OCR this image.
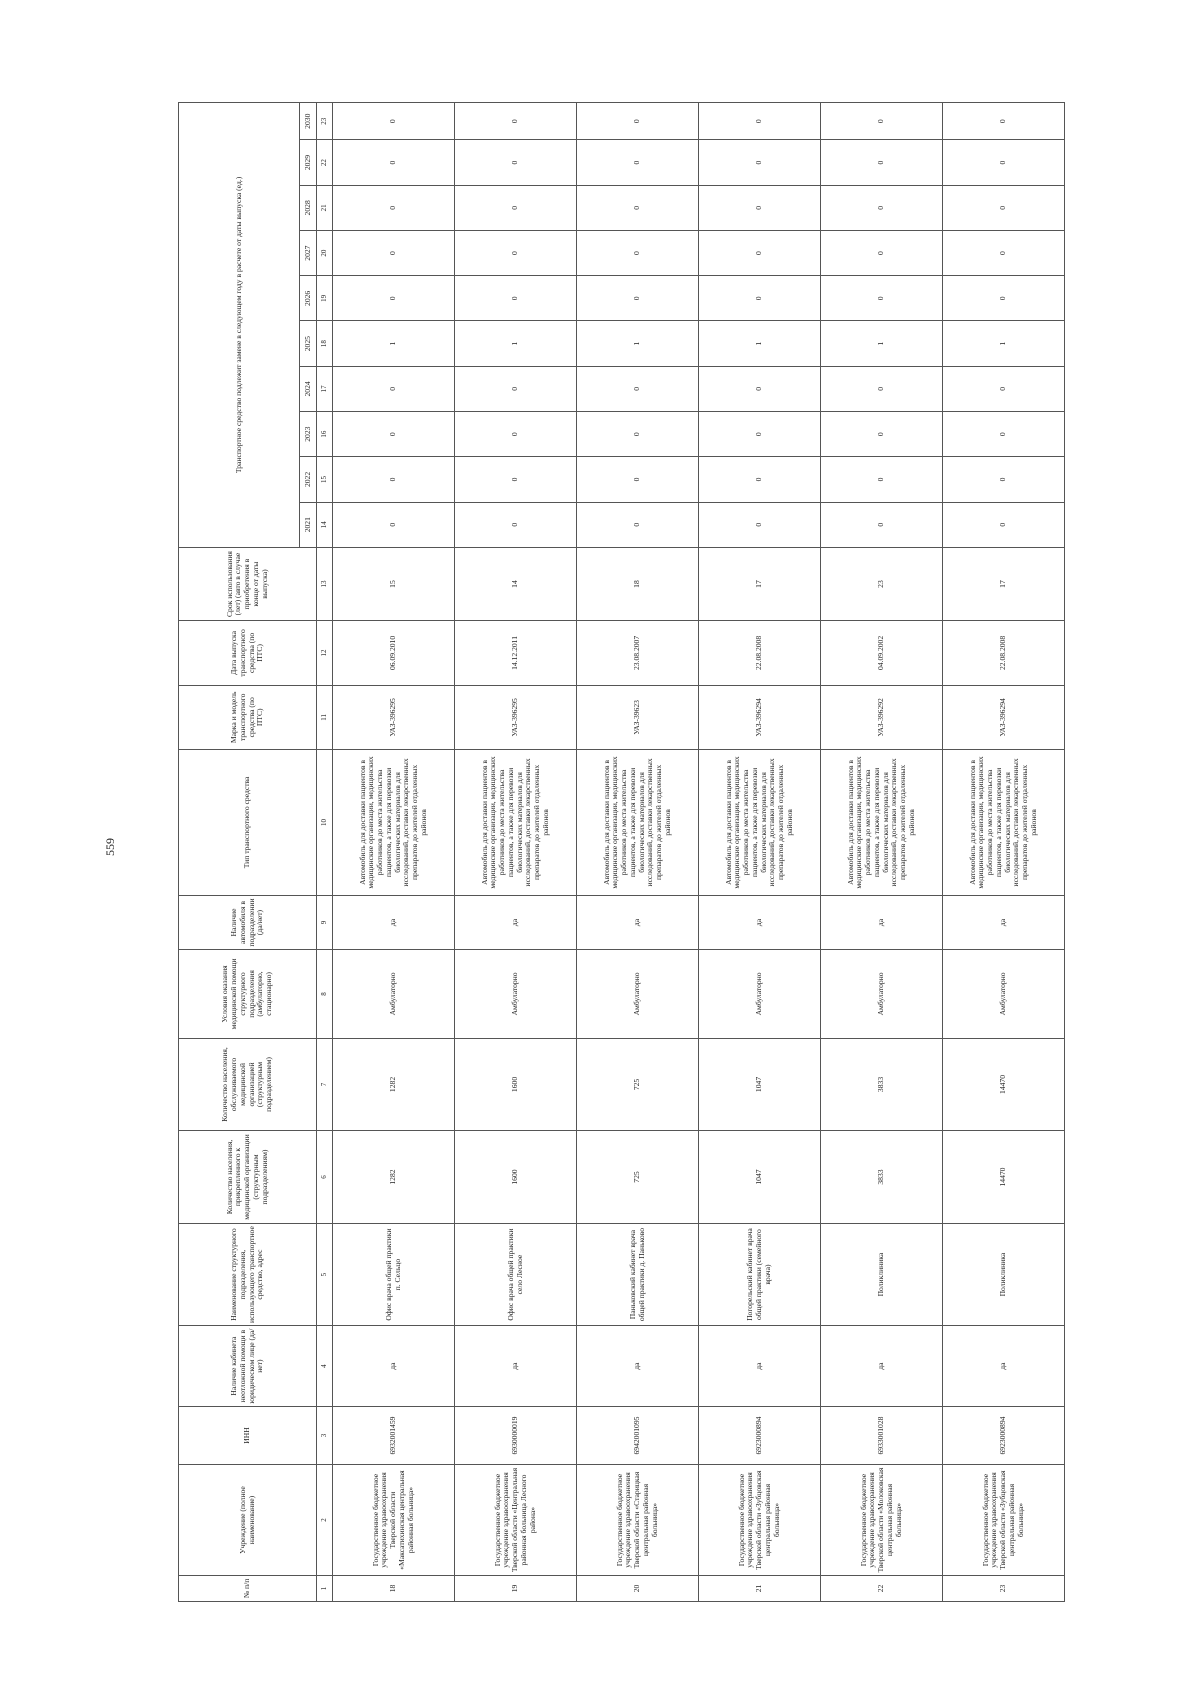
559
№ п/п	Учреждение (полное наименование)	ИНН	Наличие кабинета неотложной помощи в юридическом лице (да/нет)	Наименование структурного подразделения, использующего транспортное средство, адрес	Количество населения, прикрепленного к медицинской организации (структурным подразделениям)	Количество населения, обслуживаемого медицинской организацией (структурным подразделением)	Условия оказания медицинской помощи структурного подразделения (амбулаторно, стационарно)	Наличие автомобиля в подразделении (да/нет)	Тип транспортного средства	Марка и модель транспортного средства (по ПТС)	Дата выпуска транспортного средства (по ПТС)	Срок использования (лет) (авто в случае приобретения в конце от даты выпуска)	Транспортное средство подлежит замене в следующем году в расчете от даты выпуска (ед.)									
													2021	2022	2023	2024	2025	2026	2027	2028	2029	2030
1	2	3	4	5	6	7	8	9	10	11	12	13	14	15	16	17	18	19	20	21	22	23
18	Государственное бюджетное учреждение здравоохранения Тверской области «Максатихинская центральная районная больница»	6932001459	да	Офис врача общей практики п. Сельцо	1282	1282	Амбулаторно	да	Автомобиль для доставки пациентов в медицинские организации, медицинских работников до места жительства пациентов, а также для перевозки биологических материалов для исследований, доставки лекарственных препаратов до жителей отдаленных районов	УАЗ-396295	06.09.2010	15	0	0	0	0	1	0	0	0	0	0
19	Государственное бюджетное учреждение здравоохранения Тверской области «Центральная районная больница Лесного района»	6930000019	да	Офис врача общей практики село Лесное	1600	1600	Амбулаторно	да	Автомобиль для доставки пациентов в медицинские организации, медицинских работников до места жительства пациентов, а также для перевозки биологических материалов для исследований, доставки лекарственных препаратов до жителей отдаленных районов	УАЗ-396295	14.12.2011	14	0	0	0	0	1	0	0	0	0	0
20	Государственное бюджетное учреждение здравоохранения Тверской области «Старицкая центральная районная больница»	6942001095	да	Паньковский кабинет врача общей практики д. Паньково	725	725	Амбулаторно	да	Автомобиль для доставки пациентов в медицинские организации, медицинских работников до места жительства пациентов, а также для перевозки биологических материалов для исследований, доставки лекарственных препаратов до жителей отдаленных районов	УАЗ-39623	23.08.2007	18	0	0	0	0	1	0	0	0	0	0
21	Государственное бюджетное учреждение здравоохранения Тверской области «Зубцовская центральная районная больница»	6923000894	да	Погорельский кабинет врача общей практики (семейного врача)	1047	1047	Амбулаторно	да	Автомобиль для доставки пациентов в медицинские организации, медицинских работников до места жительства пациентов, а также для перевозки биологических материалов для исследований, доставки лекарственных препаратов до жителей отдаленных районов	УАЗ-396294	22.08.2008	17	0	0	0	0	1	0	0	0	0	0
22	Государственное бюджетное учреждение здравоохранения Тверской области «Молоковская центральная районная больница»	6933001028	да	Поликлиника	3833	3833	Амбулаторно	да	Автомобиль для доставки пациентов в медицинские организации, медицинских работников до места жительства пациентов, а также для перевозки биологических материалов для исследований, доставки лекарственных препаратов до жителей отдаленных районов	УАЗ-396292	04.09.2002	23	0	0	0	0	1	0	0	0	0	0
23	Государственное бюджетное учреждение здравоохранения Тверской области «Зубцовская центральная районная больница»	6923000894	да	Поликлиника	14470	14470	Амбулаторно	да	Автомобиль для доставки пациентов в медицинские организации, медицинских работников до места жительства пациентов, а также для перевозки биологических материалов для исследований, доставки лекарственных препаратов до жителей отдаленных районов	УАЗ-396294	22.08.2008	17	0	0	0	0	1	0	0	0	0	0
